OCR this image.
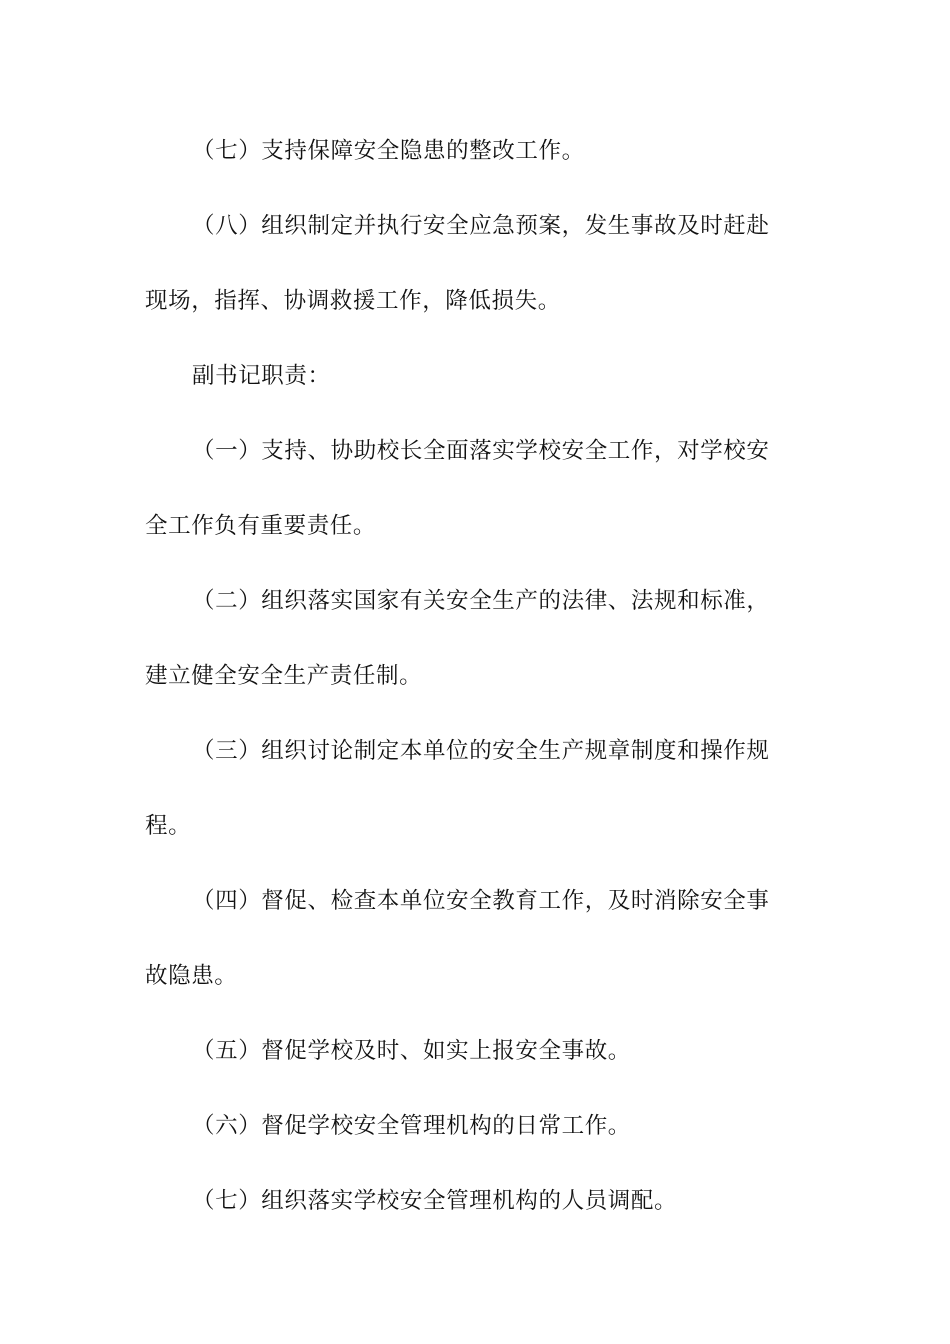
（七）支持保障安全隐患的整改工作。
（八）组织制定并执行安全应急预案，发生事故及时赶赴
现场，指挥、协调救援工作，降低损失。
副书记职责：
（一）支持、协助校长全面落实学校安全工作，对学校安
全工作负有重要责任。
（二）组织落实国家有关安全生产的法律、法规和标准，
建立健全安全生产责任制。
（三）组织讨论制定本单位的安全生产规章制度和操作规
程。
（四）督促、检查本单位安全教育工作，及时消除安全事
故隐患。
（五）督促学校及时、如实上报安全事故。
（六）督促学校安全管理机构的日常工作。
（七）组织落实学校安全管理机构的人员调配。
